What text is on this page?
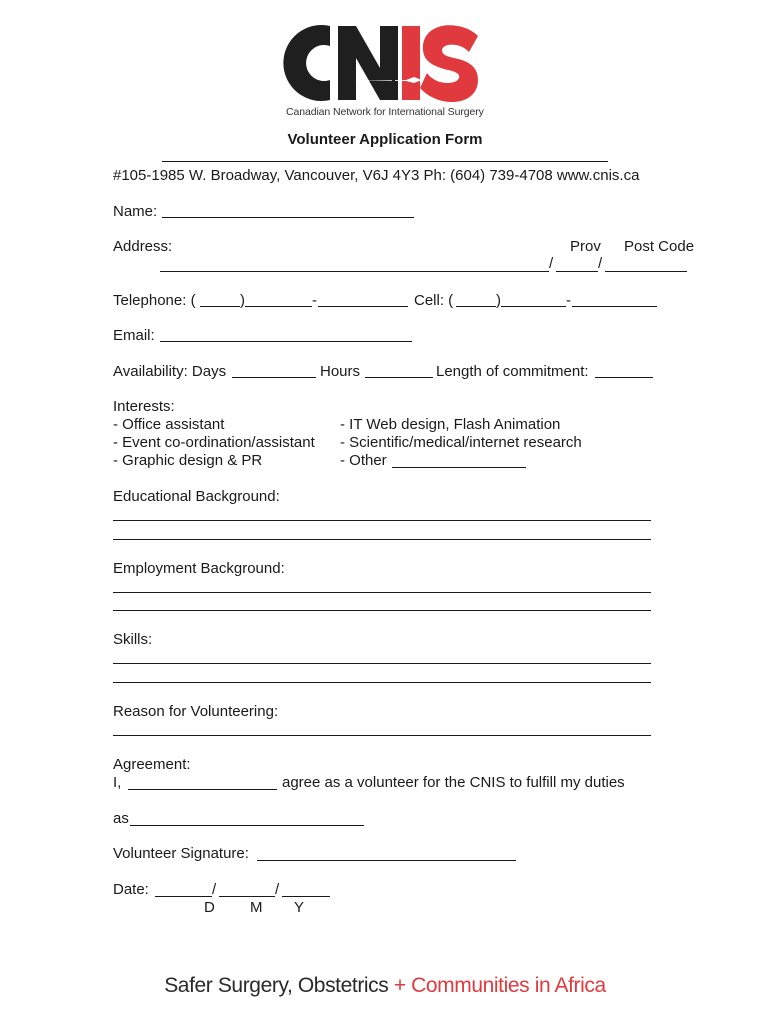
Canadian Network for International Surgery
Volunteer Application Form
#105-1985 W. Broadway, Vancouver, V6J 4Y3 Ph: (604) 739-4708 www.cnis.ca
Name:
Address:	Prov Post Code
/	/
Telephone: (	)	-	Cell: (	)	-
Email:
Availability: Days	Hours	Length of commitment:
Interests:
- Office assistant
- Event co-ordination/assistant
- Graphic design & PR
- IT Web design, Flash Animation
- Scientific/medical/internet research
- Other
Educational Background:
Employment Background:
Skills:
Reason for Volunteering:
Agreement:
I,	agree as a volunteer for the CNIS to fulfill my duties
as
Volunteer Signature:
Date:	/	/
D M Y
Safer Surgery, Obstetrics + Communities in Africa
